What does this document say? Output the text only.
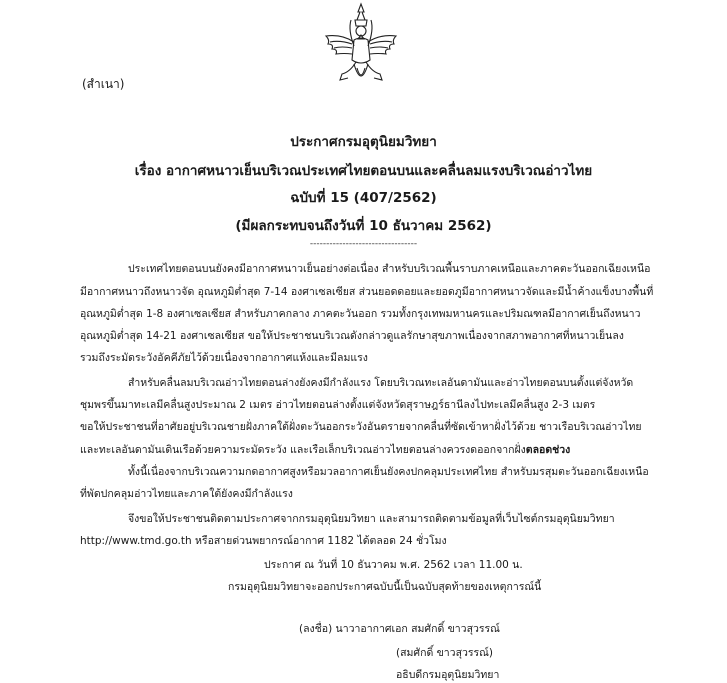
(สำเนา)
ประกาศกรมอุตุนิยมวิทยา
เรื่อง อากาศหนาวเย็นบริเวณประเทศไทยตอนบนและคลื่นลมแรงบริเวณอ่าวไทย
ฉบับที่ 15 (407/2562)
(มีผลกระทบจนถึงวันที่ 10 ธันวาคม 2562)
---------------------------------
ประเทศไทยตอนบนยังคงมีอากาศหนาวเย็นอย่างต่อเนื่อง สำหรับบริเวณพื้นราบภาคเหนือและภาคตะวันออกเฉียงเหนือ
มีอากาศหนาวถึงหนาวจัด อุณหภูมิต่ำสุด 7-14 องศาเซลเซียส ส่วนยอดดอยและยอดภูมีอากาศหนาวจัดและมีน้ำค้างแข็งบางพื้นที่
อุณหภูมิต่ำสุด 1-8 องศาเซลเซียส สำหรับภาคกลาง ภาคตะวันออก รวมทั้งกรุงเทพมหานครและปริมณฑลมีอากาศเย็นถึงหนาว
อุณหภูมิต่ำสุด 14-21 องศาเซลเซียส ขอให้ประชาชนบริเวณดังกล่าวดูแลรักษาสุขภาพเนื่องจากสภาพอากาศที่หนาวเย็นลง
รวมถึงระมัดระวังอัคคีภัยไว้ด้วยเนื่องจากอากาศแห้งและมีลมแรง
สำหรับคลื่นลมบริเวณอ่าวไทยตอนล่างยังคงมีกำลังแรง โดยบริเวณทะเลอันดามันและอ่าวไทยตอนบนตั้งแต่จังหวัด
ชุมพรขึ้นมาทะเลมีคลื่นสูงประมาณ 2 เมตร อ่าวไทยตอนล่างตั้งแต่จังหวัดสุราษฎร์ธานีลงไปทะเลมีคลื่นสูง 2-3 เมตร
ขอให้ประชาชนที่อาศัยอยู่บริเวณชายฝั่งภาคใต้ฝั่งตะวันออกระวังอันตรายจากคลื่นที่ซัดเข้าหาฝั่งไว้ด้วย ชาวเรือบริเวณอ่าวไทย
และทะเลอันดามันเดินเรือด้วยความระมัดระวัง และเรือเล็กบริเวณอ่าวไทยตอนล่างควรงดออกจากฝั่งตลอดช่วง
ทั้งนี้เนื่องจากบริเวณความกดอากาศสูงหรือมวลอากาศเย็นยังคงปกคลุมประเทศไทย สำหรับมรสุมตะวันออกเฉียงเหนือ
ที่พัดปกคลุมอ่าวไทยและภาคใต้ยังคงมีกำลังแรง
จึงขอให้ประชาชนติดตามประกาศจากกรมอุตุนิยมวิทยา และสามารถติดตามข้อมูลที่เว็บไซต์กรมอุตุนิยมวิทยา
http://www.tmd.go.th หรือสายด่วนพยากรณ์อากาศ 1182 ได้ตลอด 24 ชั่วโมง
ประกาศ ณ วันที่ 10 ธันวาคม พ.ศ. 2562 เวลา 11.00 น.
กรมอุตุนิยมวิทยาจะออกประกาศฉบับนี้เป็นฉบับสุดท้ายของเหตุการณ์นี้
(ลงชื่อ) นาวาอากาศเอก สมศักดิ์ ขาวสุวรรณ์
(สมศักดิ์ ขาวสุวรรณ์)
อธิบดีกรมอุตุนิยมวิทยา
